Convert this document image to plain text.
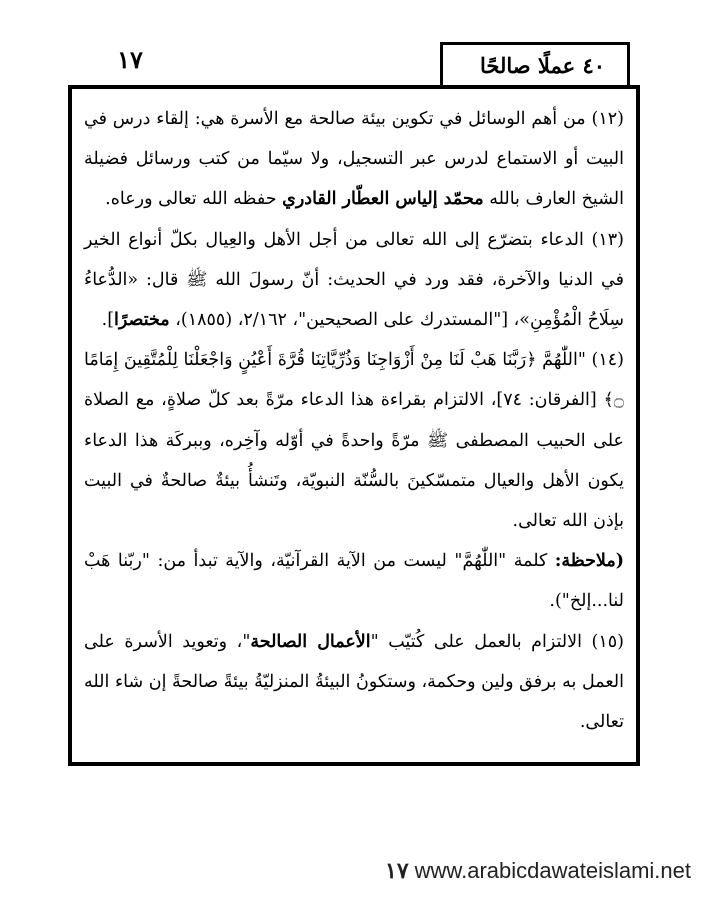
٤٠ عملًا صالحًا
١٧

(١٢) من أهم الوسائل في تكوين بيئة صالحة مع الأسرة هي: إلقاء درس في البيت أو الاستماع لدرس عبر التسجيل، ولا سيّما من كتب ورسائل فضيلة الشيخ العارف بالله محمّد إلياس العطّار القادري حفظه الله تعالى ورعاه.

(١٣) الدعاء بتضرّع إلى الله تعالى من أجل الأهل والعِيال بكلّ أنواع الخير في الدنيا والآخرة، فقد ورد في الحديث: أنّ رسولَ الله ﷺ قال: «الدُّعاءُ سِلَاحُ الْمُؤْمِنِ»، ["المستدرك على الصحيحين"، ٢/١٦٢، (١٨٥٥)، مختصرًا].

(١٤) "اللّٰهُمَّ ﴿رَبَّنَا هَبْ لَنَا مِنْ أَزْوَاجِنَا وَذُرِّيَّاتِنَا قُرَّةَ أَعْيُنٍ وَاجْعَلْنَا لِلْمُتَّقِينَ إِمَامًا ۝﴾ [الفرقان: ٧٤]، الالتزام بقراءة هذا الدعاء مرّةً بعد كلّ صلاةٍ، مع الصلاة على الحبيب المصطفى ﷺ مرّةً واحدةً في أوّله وآخِره، وببركَة هذا الدعاء يكون الأهل والعيال متمسّكينَ بالسُّنّة النبويّة، وتَنشأُ بيئةٌ صالحةٌ في البيت بإذن الله تعالى.

(ملاحظة: كلمة "اللّٰهُمَّ" ليست من الآية القرآنيّة، والآية تبدأ من: "ربّنا هَبْ لنا...إلخ").

(١٥) الالتزام بالعمل على كُتيّب "الأعمال الصالحة"، وتعويد الأسرة على العمل به برفق ولين وحكمة، وستكونُ البيئةُ المنزليّةُ بيئةً صالحةً إن شاء الله تعالى.

١٧ www.arabicdawateislami.net
